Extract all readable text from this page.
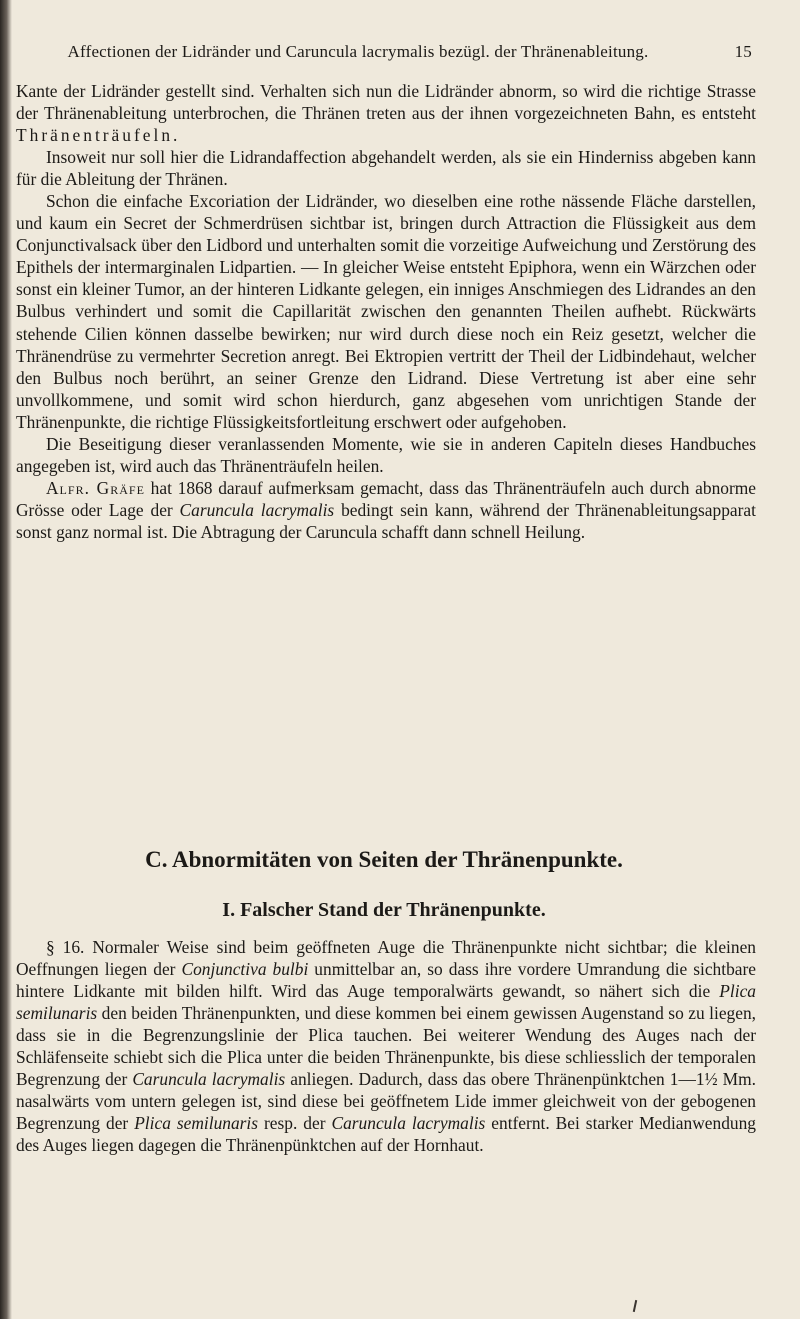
Affectionen der Lidränder und Caruncula lacrymalis bezügl. der Thränenableitung.	15

Kante der Lidränder gestellt sind. Verhalten sich nun die Lidränder abnorm, so wird die richtige Strasse der Thränenableitung unterbrochen, die Thränen treten aus der ihnen vorgezeichneten Bahn, es entsteht Thränenträufeln.

Insoweit nur soll hier die Lidrandaffection abgehandelt werden, als sie ein Hinderniss abgeben kann für die Ableitung der Thränen.

Schon die einfache Excoriation der Lidränder, wo dieselben eine rothe nässende Fläche darstellen, und kaum ein Secret der Schmerdrüsen sichtbar ist, bringen durch Attraction die Flüssigkeit aus dem Conjunctivalsack über den Lidbord und unterhalten somit die vorzeitige Aufweichung und Zerstörung des Epithels der intermarginalen Lidpartien. — In gleicher Weise entsteht Epiphora, wenn ein Wärzchen oder sonst ein kleiner Tumor, an der hinteren Lidkante gelegen, ein inniges Anschmiegen des Lidrandes an den Bulbus verhindert und somit die Capillarität zwischen den genannten Theilen aufhebt. Rückwärts stehende Cilien können dasselbe bewirken; nur wird durch diese noch ein Reiz gesetzt, welcher die Thränendrüse zu vermehrter Secretion anregt. Bei Ektropien vertritt der Theil der Lidbindehaut, welcher den Bulbus noch berührt, an seiner Grenze den Lidrand. Diese Vertretung ist aber eine sehr unvollkommene, und somit wird schon hierdurch, ganz abgesehen vom unrichtigen Stande der Thränenpunkte, die richtige Flüssigkeitsfortleitung erschwert oder aufgehoben.

Die Beseitigung dieser veranlassenden Momente, wie sie in anderen Capiteln dieses Handbuches angegeben ist, wird auch das Thränenträufeln heilen.

Alfr. Gräfe hat 1868 darauf aufmerksam gemacht, dass das Thränenträufeln auch durch abnorme Grösse oder Lage der Caruncula lacrymalis bedingt sein kann, während der Thränenableitungsapparat sonst ganz normal ist. Die Abtragung der Caruncula schafft dann schnell Heilung.

C. Abnormitäten von Seiten der Thränenpunkte.
I. Falscher Stand der Thränenpunkte.

§ 16. Normaler Weise sind beim geöffneten Auge die Thränenpunkte nicht sichtbar; die kleinen Oeffnungen liegen der Conjunctiva bulbi unmittelbar an, so dass ihre vordere Umrandung die sichtbare hintere Lidkante mit bilden hilft. Wird das Auge temporalwärts gewandt, so nähert sich die Plica semilunaris den beiden Thränenpunkten, und diese kommen bei einem gewissen Augenstand so zu liegen, dass sie in die Begrenzungslinie der Plica tauchen. Bei weiterer Wendung des Auges nach der Schläfenseite schiebt sich die Plica unter die beiden Thränenpunkte, bis diese schliesslich der temporalen Begrenzung der Caruncula lacrymalis anliegen. Dadurch, dass das obere Thränenpünktchen 1—1½ Mm. nasalwärts vom untern gelegen ist, sind diese bei geöffnetem Lide immer gleichweit von der gebogenen Begrenzung der Plica semilunaris resp. der Caruncula lacrymalis entfernt. Bei starker Medianwendung des Auges liegen dagegen die Thränenpünktchen auf der Hornhaut.
